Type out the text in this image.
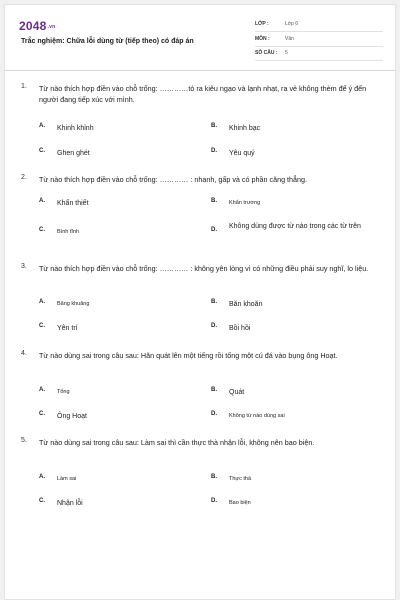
2048.vn
Trắc nghiệm: Chữa lỗi dùng từ (tiếp theo) có đáp án
LỚP :	Lớp 6
MÔN :	Văn
SỐ CÂU : 5
1. Từ nào thích hợp điền vào chỗ trống: …………tỏ ra kiêu ngạo và lạnh nhạt, ra vẻ không thèm để ý đến người đang tiếp xúc với mình.
A. Khinh khỉnh	B. Khinh bạc
C. Ghen ghét	D. Yêu quý
2. Từ nào thích hợp điền vào chỗ trống: ………… : nhanh, gấp và có phần căng thẳng.
A. Khẩn thiết	B. Khẩn trương
C. Bình tĩnh	D. Không dùng được từ nào trong các từ trên
3. Từ nào thích hợp điền vào chỗ trống: ………… : không yên lòng vì có những điều phải suy nghĩ, lo liệu.
A. Băng khuăng	B. Băn khoăn
C. Yên trí	D. Bồi hồi
4. Từ nào dùng sai trong câu sau: Hăn quát lên một tiếng rồi tống một cú đá vào bụng ông Hoạt.
A. Tống	B. Quát
C. Ông Hoạt	D. Không từ nào dùng sai
5. Từ nào dùng sai trong câu sau: Làm sai thì cần thực thà nhận lỗi, không nên bao biện.
A. Làm sai	B. Thực thà
C. Nhận lỗi	D. Bao biện
